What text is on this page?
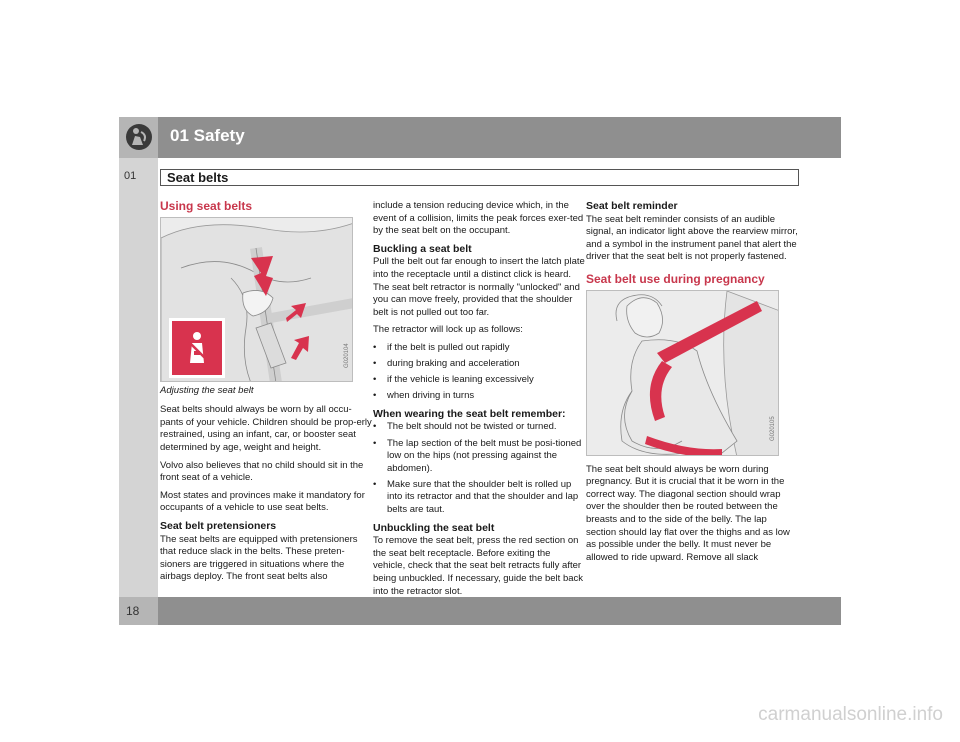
01 Safety
01 Seat belts
18
Using seat belts
G020104
Adjusting the seat belt
Seat belts should always be worn by all occu-pants of your vehicle. Children should be prop-erly restrained, using an infant, car, or booster seat determined by age, weight and height.
Volvo also believes that no child should sit in the front seat of a vehicle.
Most states and provinces make it mandatory for occupants of a vehicle to use seat belts.
Seat belt pretensioners
The seat belts are equipped with pretensioners that reduce slack in the belts. These preten-sioners are triggered in situations where the airbags deploy. The front seat belts also
include a tension reducing device which, in the event of a collision, limits the peak forces exer-ted by the seat belt on the occupant.
Buckling a seat belt
Pull the belt out far enough to insert the latch plate into the receptacle until a distinct click is heard. The seat belt retractor is normally "unlocked" and you can move freely, provided that the shoulder belt is not pulled out too far.
The retractor will lock up as follows:
• if the belt is pulled out rapidly
• during braking and acceleration
• if the vehicle is leaning excessively
• when driving in turns
When wearing the seat belt remember:
• The belt should not be twisted or turned.
• The lap section of the belt must be posi-tioned low on the hips (not pressing against the abdomen).
• Make sure that the shoulder belt is rolled up into its retractor and that the shoulder and lap belts are taut.
Unbuckling the seat belt
To remove the seat belt, press the red section on the seat belt receptacle. Before exiting the vehicle, check that the seat belt retracts fully after being unbuckled. If necessary, guide the belt back into the retractor slot.
Seat belt reminder
The seat belt reminder consists of an audible signal, an indicator light above the rearview mirror, and a symbol in the instrument panel that alert the driver that the seat belt is not properly fastened.
Seat belt use during pregnancy
G020105
The seat belt should always be worn during pregnancy. But it is crucial that it be worn in the correct way. The diagonal section should wrap over the shoulder then be routed between the breasts and to the side of the belly. The lap section should lay flat over the thighs and as low as possible under the belly. It must never be allowed to ride upward. Remove all slack
carmanualsonline.info
